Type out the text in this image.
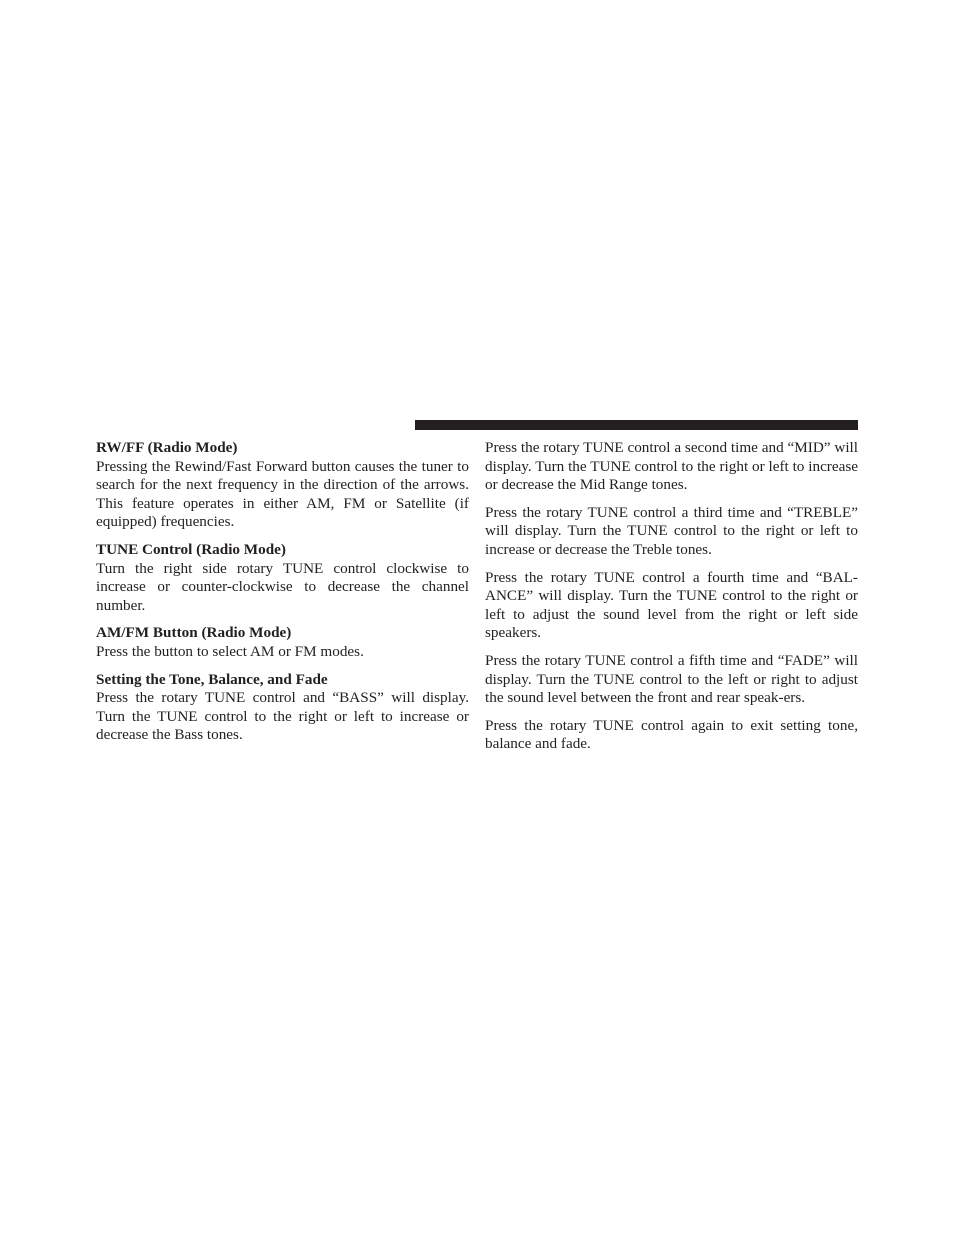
RW/FF (Radio Mode)

Pressing the Rewind/Fast Forward button causes the tuner to search for the next frequency in the direction of the arrows. This feature operates in either AM, FM or Satellite (if equipped) frequencies.

TUNE Control (Radio Mode)

Turn the right side rotary TUNE control clockwise to increase or counter-clockwise to decrease the channel number.

AM/FM Button (Radio Mode)

Press the button to select AM or FM modes.

Setting the Tone, Balance, and Fade

Press the rotary TUNE control and “BASS” will display. Turn the TUNE control to the right or left to increase or decrease the Bass tones.

Press the rotary TUNE control a second time and “MID” will display. Turn the TUNE control to the right or left to increase or decrease the Mid Range tones.

Press the rotary TUNE control a third time and “TREBLE” will display. Turn the TUNE control to the right or left to increase or decrease the Treble tones.

Press the rotary TUNE control a fourth time and “BAL-ANCE” will display. Turn the TUNE control to the right or left to adjust the sound level from the right or left side speakers.

Press the rotary TUNE control a fifth time and “FADE” will display. Turn the TUNE control to the left or right to adjust the sound level between the front and rear speak-ers.

Press the rotary TUNE control again to exit setting tone, balance and fade.
